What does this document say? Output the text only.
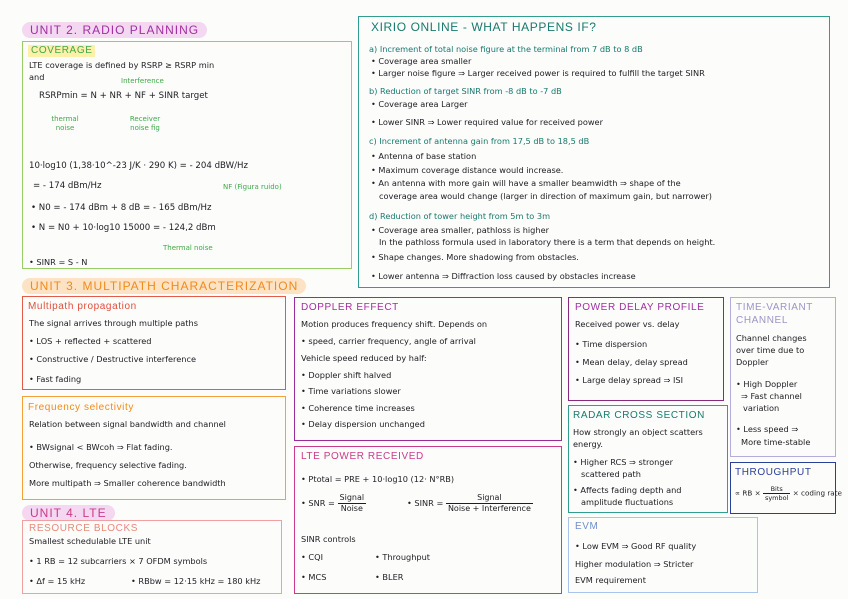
UNIT 2. RADIO PLANNING
COVERAGE
LTE coverage is defined by RSRP ≥ RSRP min
and	Interference
RSRPmin = N + NR + NF + SINR target
thermal noise
Receiver noise fig
10·log10 (1,38·10^-23 J/K · 290 K) = - 204 dBW/Hz
= - 174 dBm/Hz	NF (Figura ruido)
• N0 = - 174 dBm + 8 dB = - 165 dBm/Hz
• N = N0 + 10·log10 15000 = - 124,2 dBm
Thermal noise
• SINR = S - N
XIRIO ONLINE - WHAT HAPPENS IF?
a) Increment of total noise figure at the terminal from 7 dB to 8 dB
• Coverage area smaller
• Larger noise figure ⇒ Larger received power is required to fulfill the target SINR
b) Reduction of target SINR from -8 dB to -7 dB
• Coverage area Larger
• Lower SINR ⇒ Lower required value for received power
c) Increment of antenna gain from 17,5 dB to 18,5 dB
• Antenna of base station
• Maximum coverage distance would increase.
• An antenna with more gain will have a smaller beamwidth ⇒ shape of the
coverage area would change (larger in direction of maximum gain, but narrower)
d) Reduction of tower height from 5m to 3m
• Coverage area smaller, pathloss is higher
In the pathloss formula used in laboratory there is a term that depends on height.
• Shape changes. More shadowing from obstacles.
• Lower antenna ⇒ Diffraction loss caused by obstacles increase
UNIT 3. MULTIPATH CHARACTERIZATION
Multipath propagation
The signal arrives through multiple paths
• LOS + reflected + scattered
• Constructive / Destructive interference
• Fast fading
Frequency selectivity
Relation between signal bandwidth and channel
• BWsignal < BWcoh ⇒ Flat fading.
Otherwise, frequency selective fading.
More multipath ⇒ Smaller coherence bandwidth
DOPPLER EFFECT
Motion produces frequency shift. Depends on
• speed, carrier frequency, angle of arrival
Vehicle speed reduced by half:
• Doppler shift halved
• Time variations slower
• Coherence time increases
• Delay dispersion unchanged
POWER DELAY PROFILE
Received power vs. delay
• Time dispersion
• Mean delay, delay spread
• Large delay spread ⇒ ISI
TIME-VARIANT
CHANNEL
Channel changes
over time due to
Doppler
• High Doppler
⇒ Fast channel
variation
• Less speed ⇒
More time-stable
RADAR CROSS SECTION
How strongly an object scatters
energy.
• Higher RCS ⇒ stronger
scattered path
• Affects fading depth and
amplitude fluctuations
THROUGHPUT
∝ RB × $\frac{\text{Bits}}{\text{symbol}}$ × coding rate
UNIT 4. LTE
RESOURCE BLOCKS
Smallest schedulable LTE unit
• 1 RB = 12 subcarriers × 7 OFDM symbols
• Δf = 15 kHz	• RBbw = 12·15 kHz = 180 kHz
LTE POWER RECEIVED
• Ptotal = PRE + 10·log10 (12· N°RB)
• SNR = $\frac{\text{Signal}}{\text{Noise}}$	• SINR = $\frac{\text{Signal}}{\text{Noise + Interference}}$
SINR controls
• CQI
• MCS
• Throughput
• BLER
EVM
• Low EVM ⇒ Good RF quality
Higher modulation ⇒ Stricter
EVM requirement
